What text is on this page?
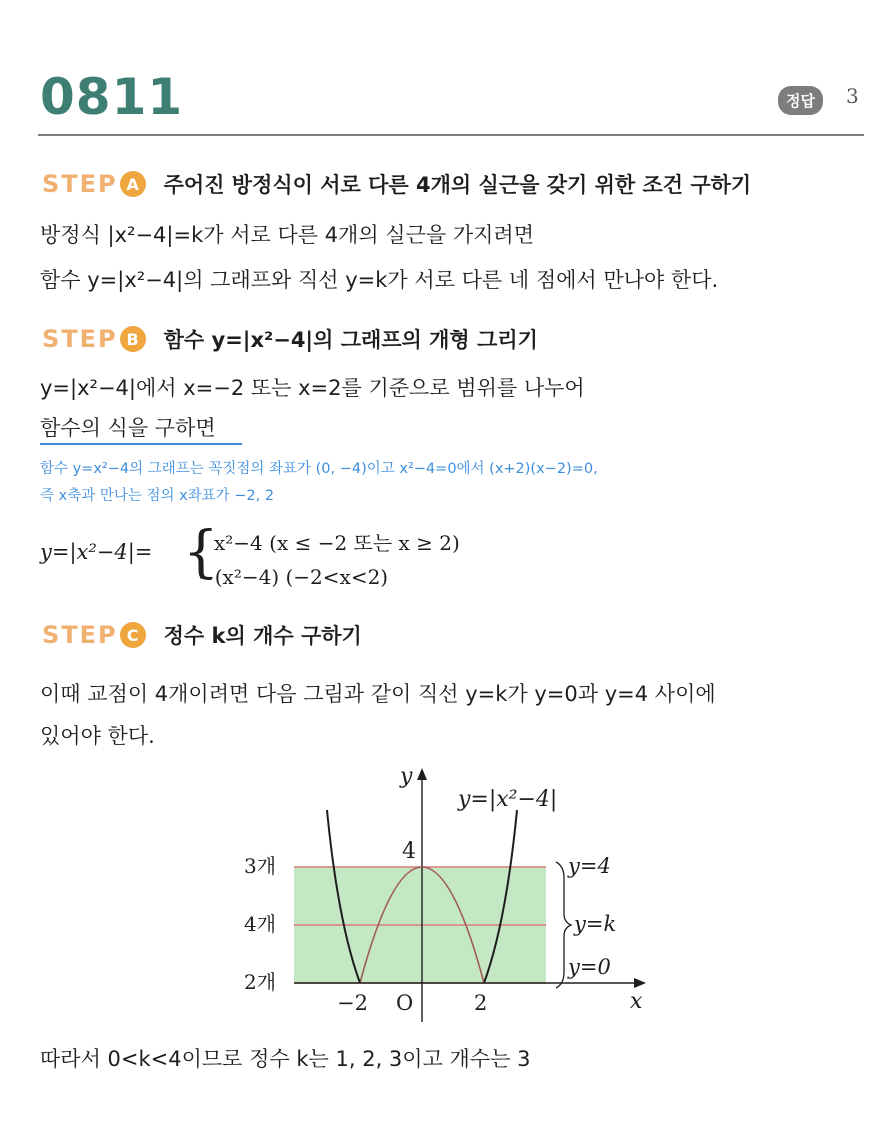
0811	정답	3
STEP A	주어진 방정식이 서로 다른 4개의 실근을 갖기 위한 조건 구하기
방정식 |x²−4|=k가 서로 다른 4개의 실근을 가지려면
함수 y=|x²−4|의 그래프와 직선 y=k가 서로 다른 네 점에서 만나야 한다.
STEP B	함수 y=|x²−4|의 그래프의 개형 그리기
y=|x²−4|에서 x=−2 또는 x=2를 기준으로 범위를 나누어
함수의 식을 구하면
함수 y=x²−4의 그래프는 꼭짓점의 좌표가 (0, −4)이고 x²−4=0에서 (x+2)(x−2)=0,
즉 x축과 만나는 점의 x좌표가 −2, 2
y=|x²−4|= {
x²−4 (x ≤ −2 또는 x ≥ 2)
−(x²−4) (−2<x<2)
STEP C	정수 k의 개수 구하기
이때 교점이 4개이려면 다음 그림과 같이 직선 y=k가 y=0과 y=4 사이에
있어야 한다.
y
y=|x²−4|
4
3개
4개
2개
−2 O	2	x
y=4
y=k
y=0
따라서 0<k<4이므로 정수 k는 1, 2, 3이고 개수는 3
